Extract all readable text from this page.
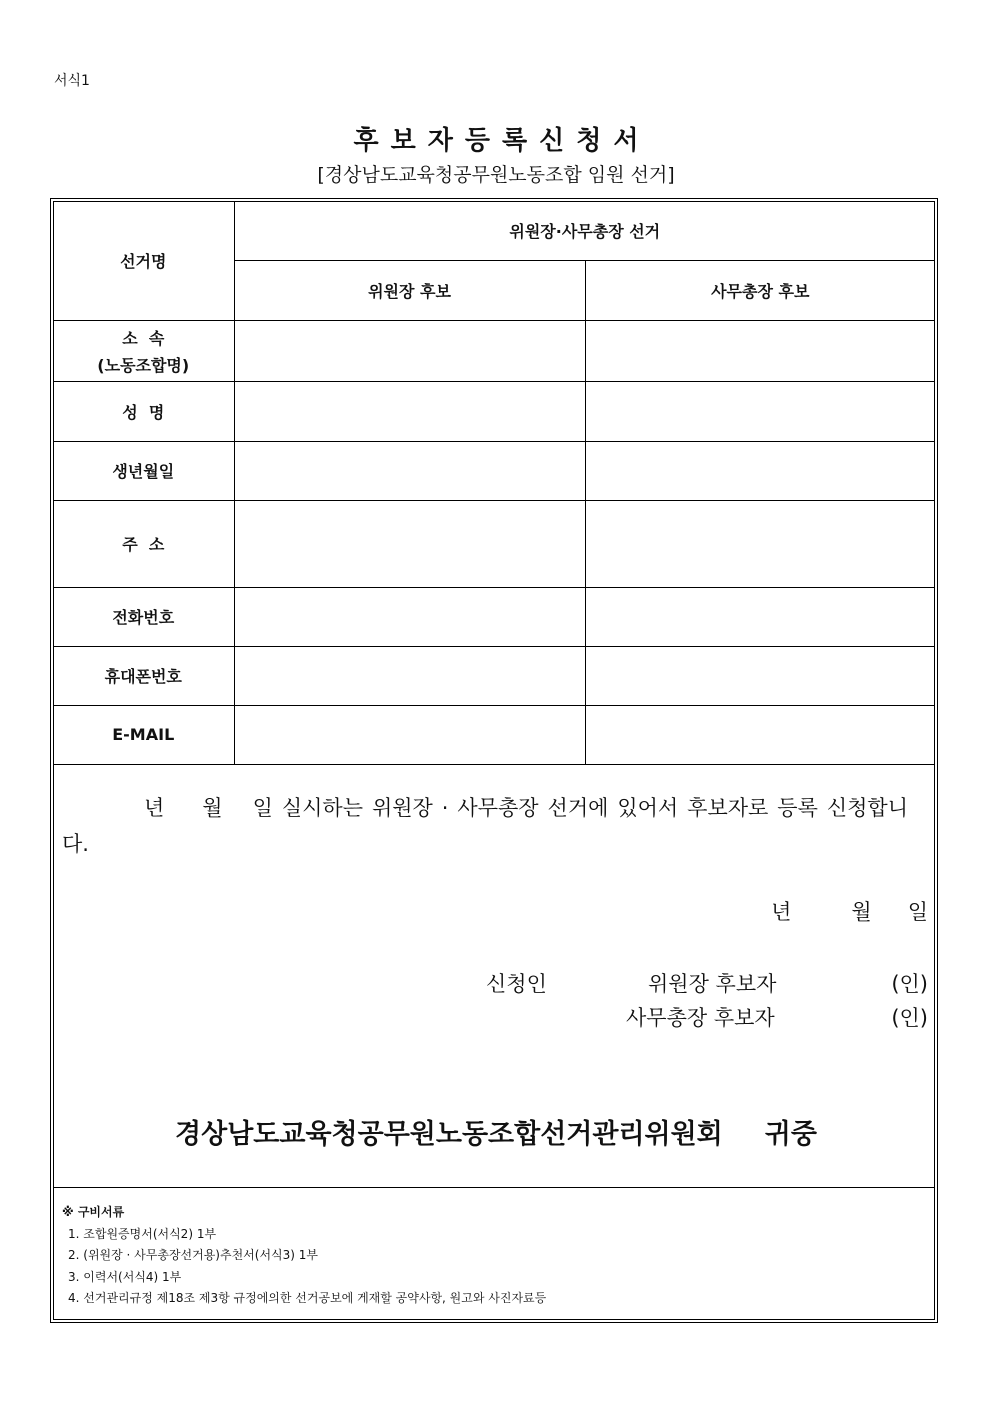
서식1
후보자등록신청서
[경상남도교육청공무원노동조합 임원 선거]
선거명	위원장·사무총장 선거	
	위원장 후보	사무총장 후보

소  속
(노동조합명)		

성  명		
생년월일		
주  소		
전화번호		
휴대폰번호		
E-MAIL		
년 월 일 실시하는 위원장 · 사무총장 선거에 있어서 후보자로 등록 신청합니다.
년	월 일
신청인	위원장 후보자	(인)
사무총장 후보자	(인)
경상남도교육청공무원노동조합선거관리위원회 귀중
※ 구비서류
1. 조합원증명서(서식2) 1부
2. (위원장 · 사무총장선거용)추천서(서식3) 1부
3. 이력서(서식4) 1부
4. 선거관리규정 제18조 제3항 규정에의한 선거공보에 게재할 공약사항, 원고와 사진자료등
